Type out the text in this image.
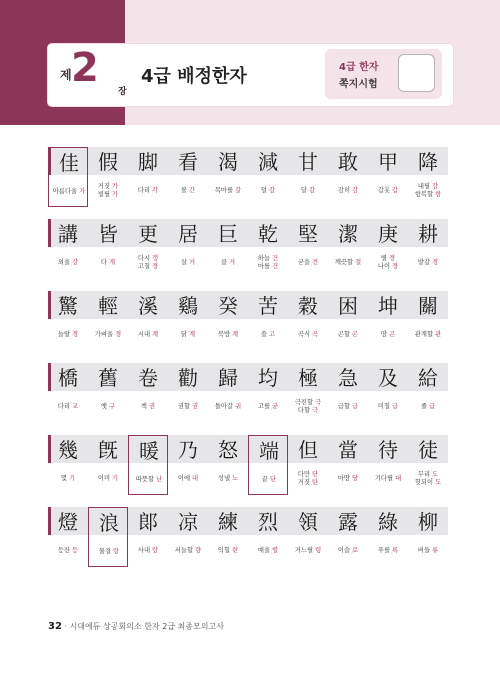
제 2
장
4급 배정한자	4급 한자
쪽지시험
佳
아름다울 가
假
거짓 가
빌릴 가
脚
다리 각
看
볼 간
渴
목마를 갈
減
덜 감
甘
달 감
敢
감히 감
甲
갑옷 갑
降
내릴 강
항복할 항
講
외울 강
皆
다 개
更
다시 갱
고칠 경
居
살 거
巨
클 거
乾
하늘 건
마를 건
堅
굳을 견
潔
깨끗할 결
庚
별 경
나이 경
耕
밭갈 경
驚
놀랄 경
輕
가벼울 경
溪
시내 계
鷄
닭 계
癸
북방 계
苦
쓸 고
穀
곡식 곡
困
곤할 곤
坤
땅 곤
關
관계할 관
橋
다리 교
舊
옛 구
卷
책 권
勸
권할 권
歸
돌아갈 귀
均
고를 균
極
극진할 극
다할 극
急
급할 급
及
미칠 급
給
줄 급
幾
몇 기
旣
이미 기
暖
따뜻할 난
乃
이에 내
怒
성낼 노
端
끝 단
但
다만 단
거짓 탄
當
마땅 당
待
기다릴 대
徒
무리 도
헛되이 도
燈
등잔 등
浪
물결 랑
郞
사내 랑
凉
서늘할 량
練
익힐 련
烈
매울 렬
領
거느릴 령
露
이슬 로
綠
푸를 록
柳
버들 류
32 · 시대에듀 상공회의소 한자 2급 최종모의고사
